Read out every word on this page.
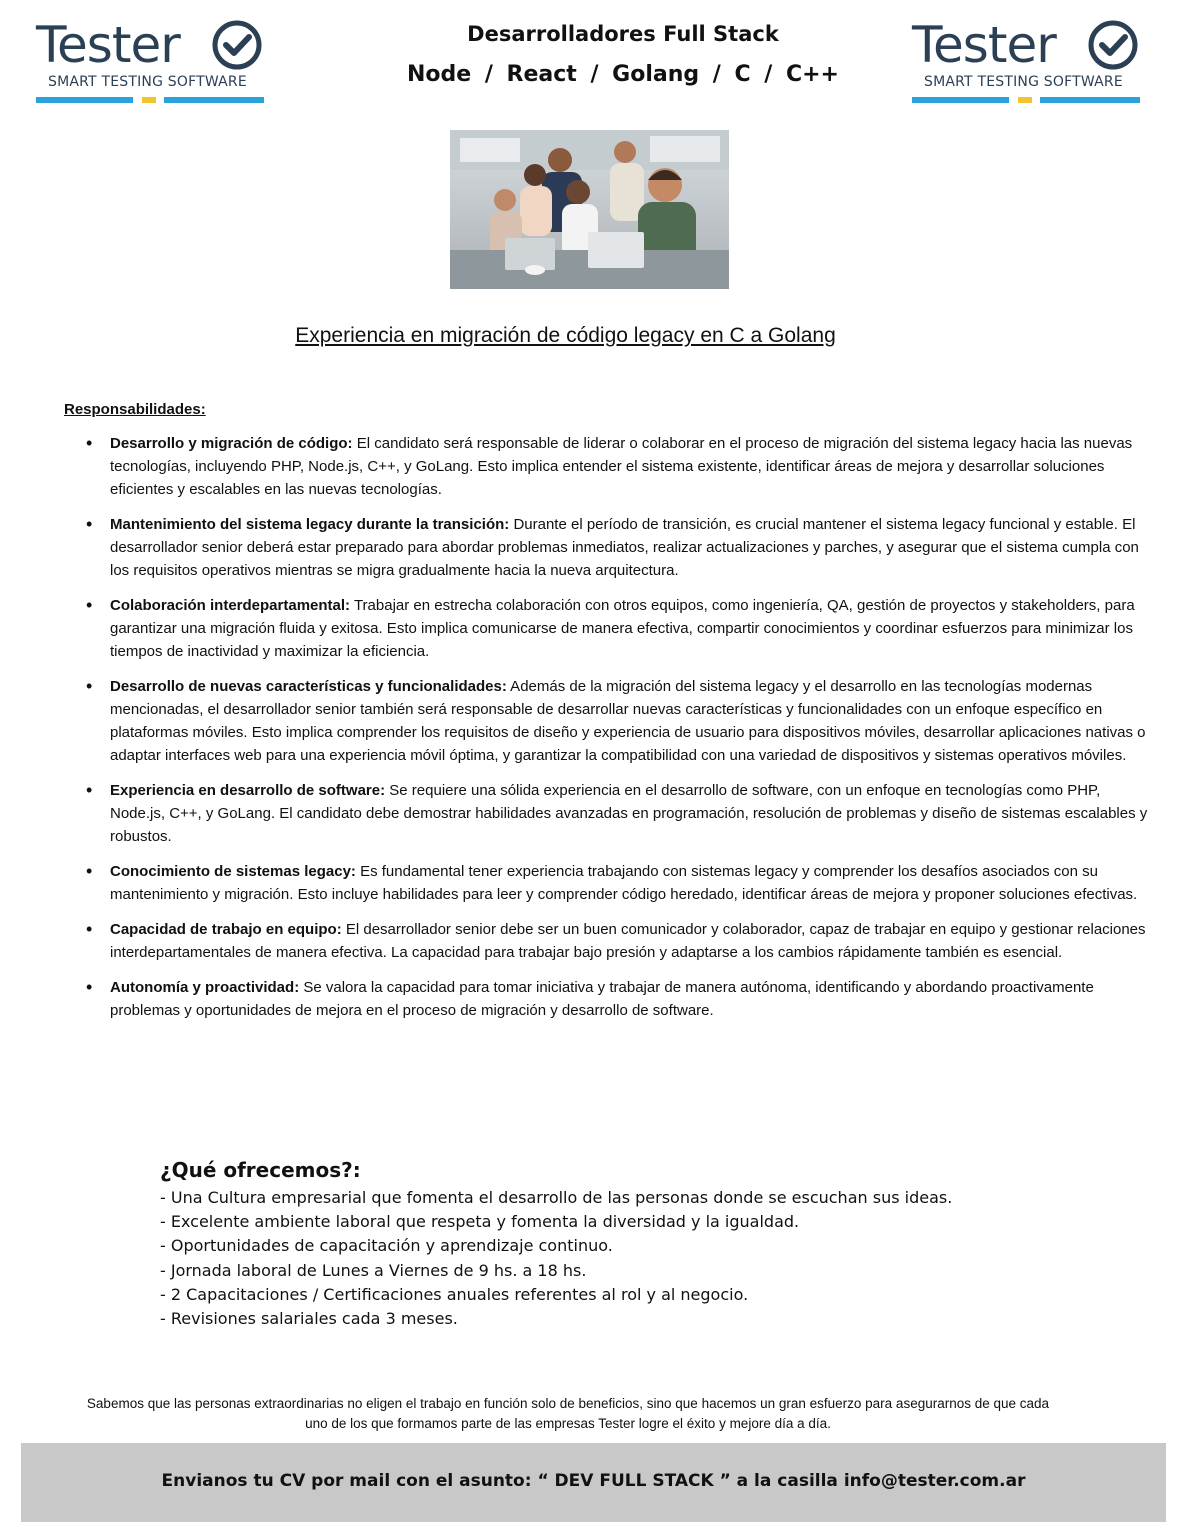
Tester
SMART TESTING SOFTWARE
Desarrolladores Full Stack
Node / React / Golang / C / C++
Tester
SMART TESTING SOFTWARE
Experiencia en migración de código legacy en C a Golang
Responsabilidades:
• Desarrollo y migración de código: El candidato será responsable de liderar o colaborar en el proceso de migración del sistema legacy hacia las nuevas tecnologías, incluyendo PHP, Node.js, C++, y GoLang. Esto implica entender el sistema existente, identificar áreas de mejora y desarrollar soluciones eficientes y escalables en las nuevas tecnologías.
• Mantenimiento del sistema legacy durante la transición: Durante el período de transición, es crucial mantener el sistema legacy funcional y estable. El desarrollador senior deberá estar preparado para abordar problemas inmediatos, realizar actualizaciones y parches, y asegurar que el sistema cumpla con los requisitos operativos mientras se migra gradualmente hacia la nueva arquitectura.
• Colaboración interdepartamental: Trabajar en estrecha colaboración con otros equipos, como ingeniería, QA, gestión de proyectos y stakeholders, para garantizar una migración fluida y exitosa. Esto implica comunicarse de manera efectiva, compartir conocimientos y coordinar esfuerzos para minimizar los tiempos de inactividad y maximizar la eficiencia.
• Desarrollo de nuevas características y funcionalidades: Además de la migración del sistema legacy y el desarrollo en las tecnologías modernas mencionadas, el desarrollador senior también será responsable de desarrollar nuevas características y funcionalidades con un enfoque específico en plataformas móviles. Esto implica comprender los requisitos de diseño y experiencia de usuario para dispositivos móviles, desarrollar aplicaciones nativas o adaptar interfaces web para una experiencia móvil óptima, y garantizar la compatibilidad con una variedad de dispositivos y sistemas operativos móviles.
• Experiencia en desarrollo de software: Se requiere una sólida experiencia en el desarrollo de software, con un enfoque en tecnologías como PHP, Node.js, C++, y GoLang. El candidato debe demostrar habilidades avanzadas en programación, resolución de problemas y diseño de sistemas escalables y robustos.
• Conocimiento de sistemas legacy: Es fundamental tener experiencia trabajando con sistemas legacy y comprender los desafíos asociados con su mantenimiento y migración. Esto incluye habilidades para leer y comprender código heredado, identificar áreas de mejora y proponer soluciones efectivas.
• Capacidad de trabajo en equipo: El desarrollador senior debe ser un buen comunicador y colaborador, capaz de trabajar en equipo y gestionar relaciones interdepartamentales de manera efectiva. La capacidad para trabajar bajo presión y adaptarse a los cambios rápidamente también es esencial.
• Autonomía y proactividad: Se valora la capacidad para tomar iniciativa y trabajar de manera autónoma, identificando y abordando proactivamente problemas y oportunidades de mejora en el proceso de migración y desarrollo de software.
¿Qué ofrecemos?:
- Una Cultura empresarial que fomenta el desarrollo de las personas donde se escuchan sus ideas.
- Excelente ambiente laboral que respeta y fomenta la diversidad y la igualdad.
- Oportunidades de capacitación y aprendizaje continuo.
- Jornada laboral de Lunes a Viernes de 9 hs. a 18 hs.
- 2 Capacitaciones / Certificaciones anuales referentes al rol y al negocio.
- Revisiones salariales cada 3 meses.
Sabemos que las personas extraordinarias no eligen el trabajo en función solo de beneficios, sino que hacemos un gran esfuerzo para asegurarnos de que cada
uno de los que formamos parte de las empresas Tester logre el éxito y mejore día a día.
Envianos tu CV por mail con el asunto: “ DEV FULL STACK ” a la casilla info@tester.com.ar
